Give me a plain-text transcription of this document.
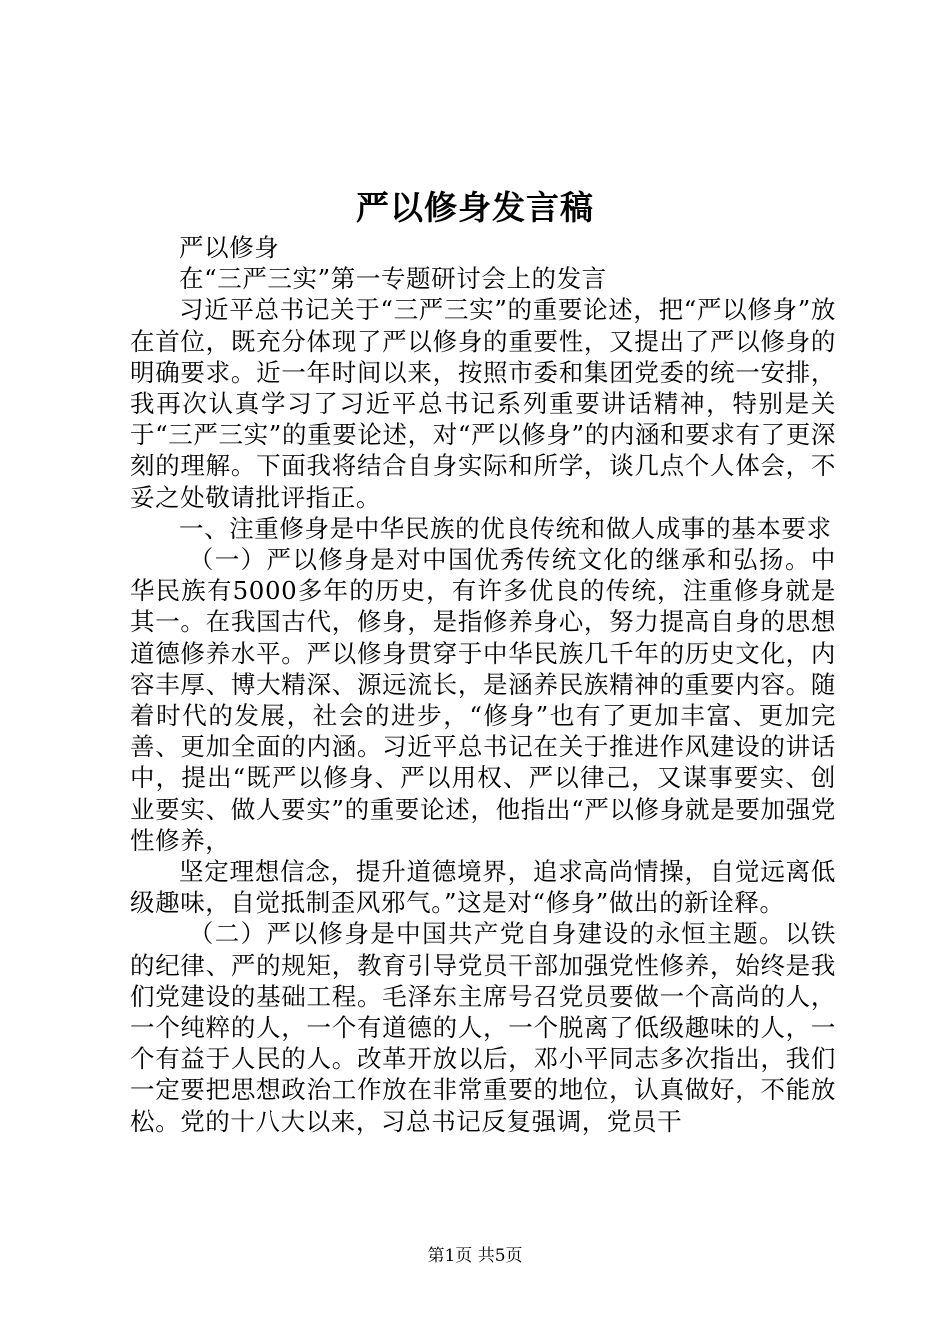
严以修身发言稿

严以修身

在“三严三实”第一专题研讨会上的发言

习近平总书记关于“三严三实”的重要论述，把“严以修身”放在首位，既充分体现了严以修身的重要性，又提出了严以修身的明确要求。近一年时间以来，按照市委和集团党委的统一安排，我再次认真学习了习近平总书记系列重要讲话精神，特别是关于“三严三实”的重要论述，对“严以修身”的内涵和要求有了更深刻的理解。下面我将结合自身实际和所学，谈几点个人体会，不妥之处敬请批评指正。

一、注重修身是中华民族的优良传统和做人成事的基本要求

（一）严以修身是对中国优秀传统文化的继承和弘扬。中华民族有5000多年的历史，有许多优良的传统，注重修身就是其一。在我国古代，修身，是指修养身心，努力提高自身的思想道德修养水平。严以修身贯穿于中华民族几千年的历史文化，内容丰厚、博大精深、源远流长，是涵养民族精神的重要内容。随着时代的发展，社会的进步，“修身”也有了更加丰富、更加完善、更加全面的内涵。习近平总书记在关于推进作风建设的讲话中，提出“既严以修身、严以用权、严以律己，又谋事要实、创业要实、做人要实”的重要论述，他指出“严以修身就是要加强党性修养，

坚定理想信念，提升道德境界，追求高尚情操，自觉远离低级趣味，自觉抵制歪风邪气。”这是对“修身”做出的新诠释。

（二）严以修身是中国共产党自身建设的永恒主题。以铁的纪律、严的规矩，教育引导党员干部加强党性修养，始终是我们党建设的基础工程。毛泽东主席号召党员要做一个高尚的人，一个纯粹的人，一个有道德的人，一个脱离了低级趣味的人，一个有益于人民的人。改革开放以后，邓小平同志多次指出，我们一定要把思想政治工作放在非常重要的地位，认真做好，不能放松。党的十八大以来，习总书记反复强调，党员干

第1页 共5页
